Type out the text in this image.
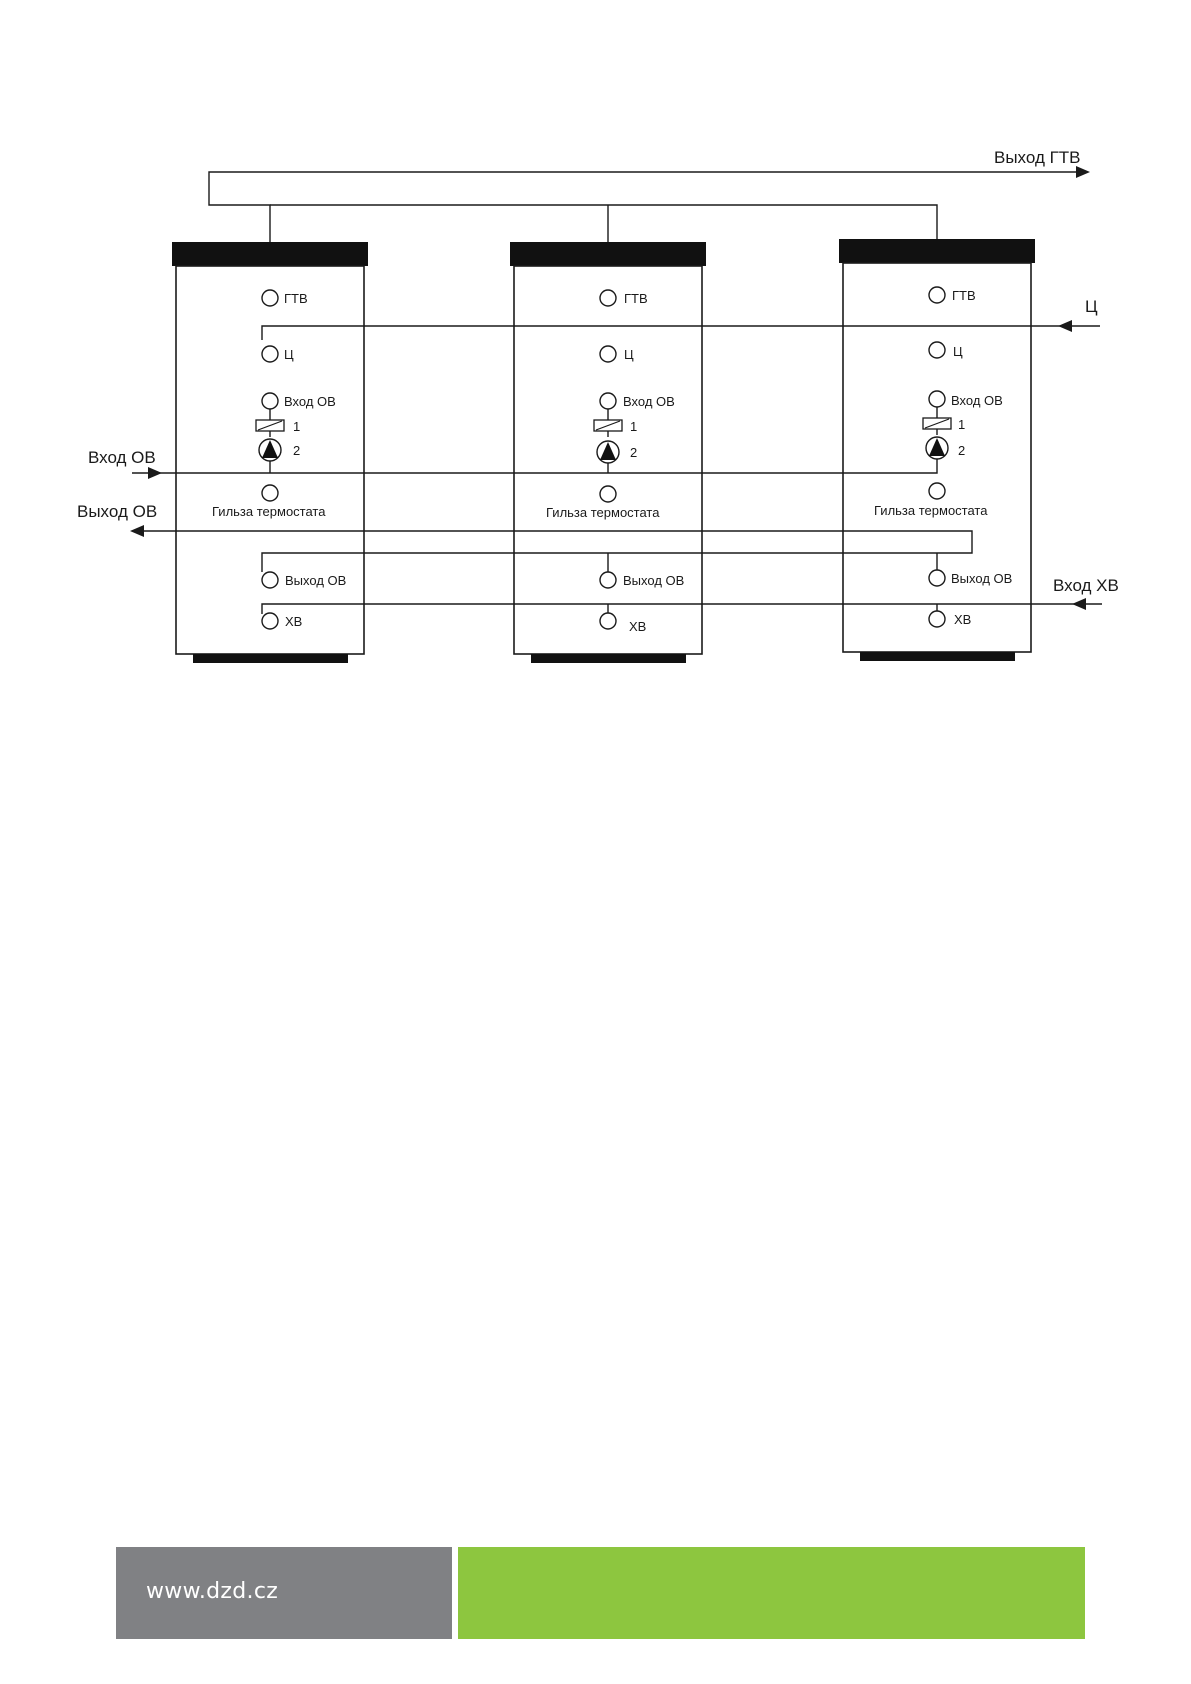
ГТВ
Ц
Вход ОВ
1
2
Гильза термостата
Выход ОВ
ХВ
ГТВ
Ц
Вход ОВ
1
2
Гильза термостата
Выход ОВ
ХВ
ГТВ
Ц
Вход ОВ
1
2
Гильза термостата
Выход ОВ
ХВ
Выход ГТВ
Ц
Вход ОВ
Выход ОВ
Вход ХВ
www.dzd.cz
